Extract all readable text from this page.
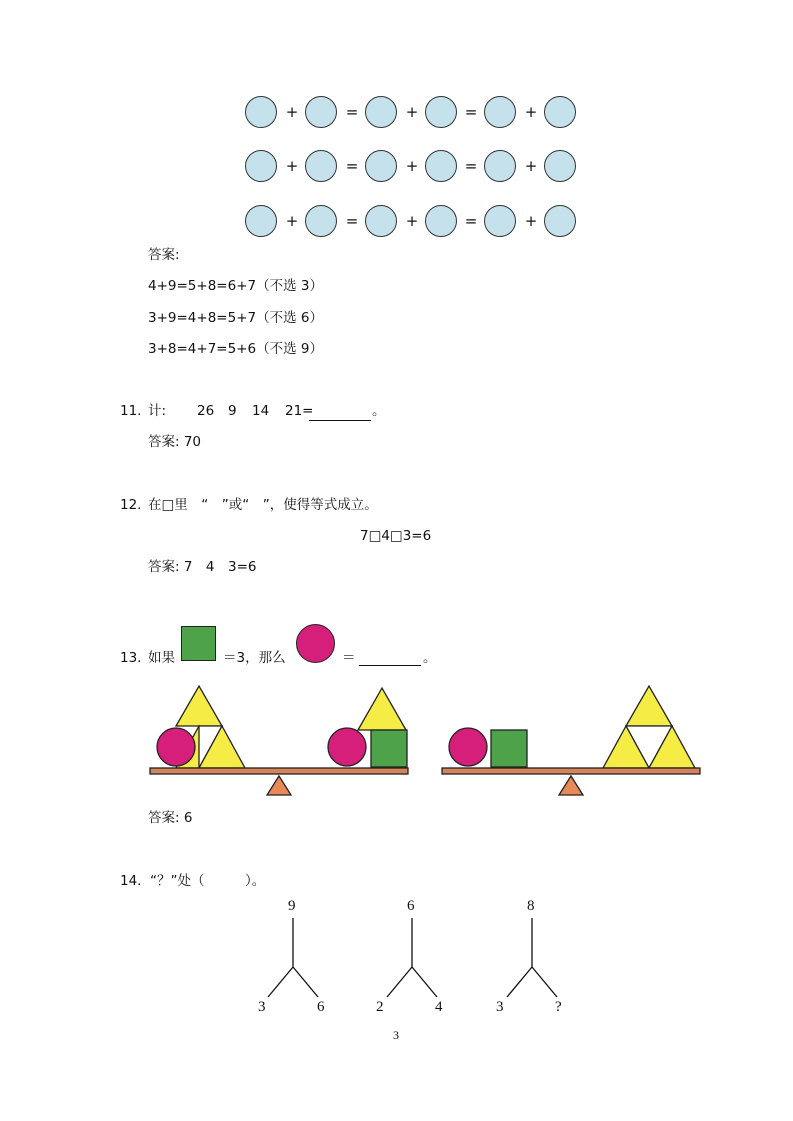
+	=	+	=	+
+	=	+	=	+
+	=	+	=	+
答案:
4+9=5+8=6+7（不选 3）
3+9=4+8=5+7（不选 6）
3+8=4+7=5+6（不选 9）
11. 计: 26 9 14 21=	。
答案: 70
12. 在□里　“　”或“　”，使得等式成立。
7□4□3=6
答案: 7　4　3=6
13. 如果	＝3，那么	＝	。
答案: 6
14. “？”处（　　　）。
9
3	6
6
2	4
8
3	?
3
